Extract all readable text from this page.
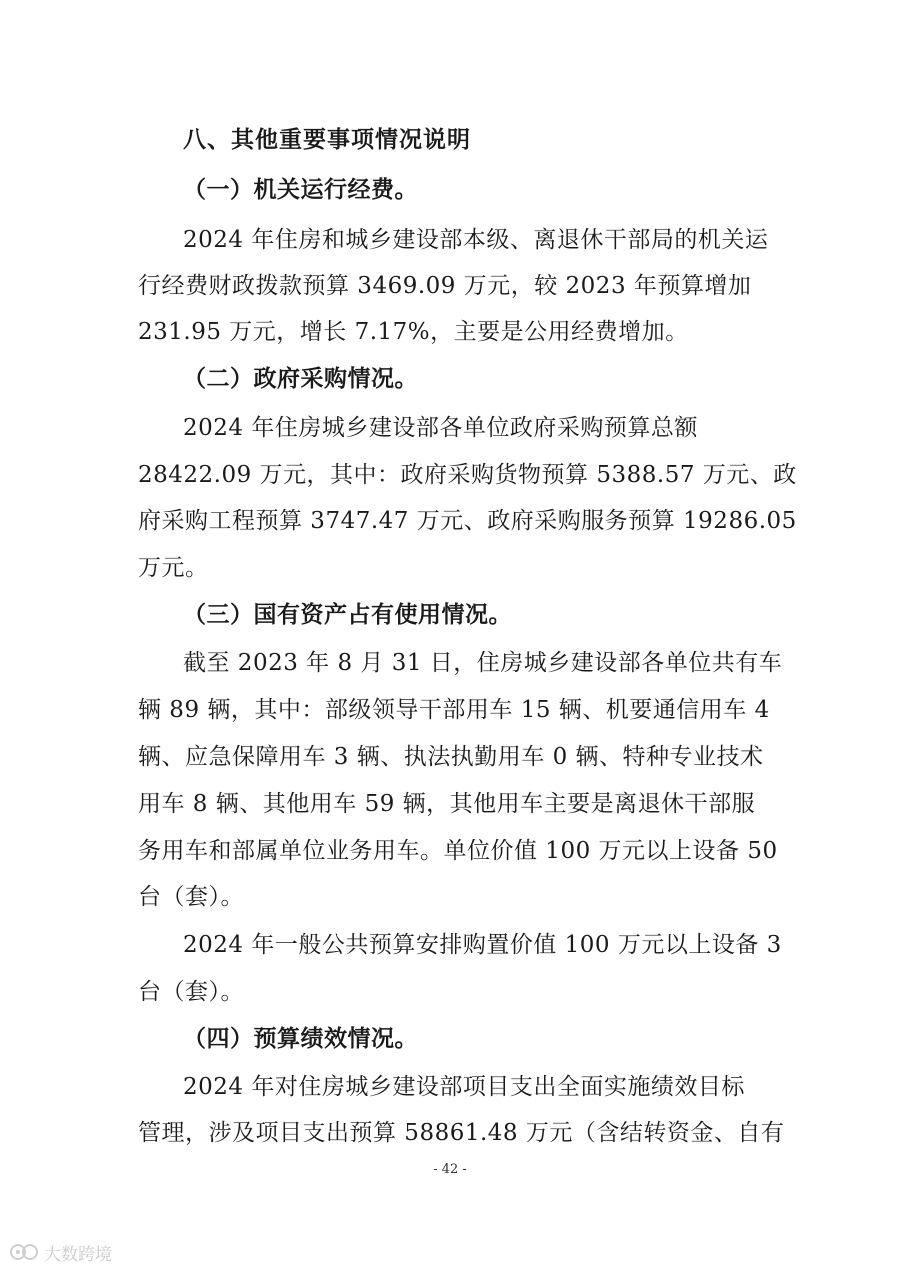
八、其他重要事项情况说明
（一）机关运行经费。
2024 年住房和城乡建设部本级、离退休干部局的机关运
行经费财政拨款预算 3469.09 万元，较 2023 年预算增加
231.95 万元，增长 7.17%，主要是公用经费增加。
（二）政府采购情况。
2024 年住房城乡建设部各单位政府采购预算总额
28422.09 万元，其中：政府采购货物预算 5388.57 万元、政
府采购工程预算 3747.47 万元、政府采购服务预算 19286.05
万元。
（三）国有资产占有使用情况。
截至 2023 年 8 月 31 日，住房城乡建设部各单位共有车
辆 89 辆，其中：部级领导干部用车 15 辆、机要通信用车 4
辆、应急保障用车 3 辆、执法执勤用车 0 辆、特种专业技术
用车 8 辆、其他用车 59 辆，其他用车主要是离退休干部服
务用车和部属单位业务用车。单位价值 100 万元以上设备 50
台（套）。
2024 年一般公共预算安排购置价值 100 万元以上设备 3
台（套）。
（四）预算绩效情况。
2024 年对住房城乡建设部项目支出全面实施绩效目标
管理，涉及项目支出预算 58861.48 万元（含结转资金、自有
- 42 -
大数跨境
